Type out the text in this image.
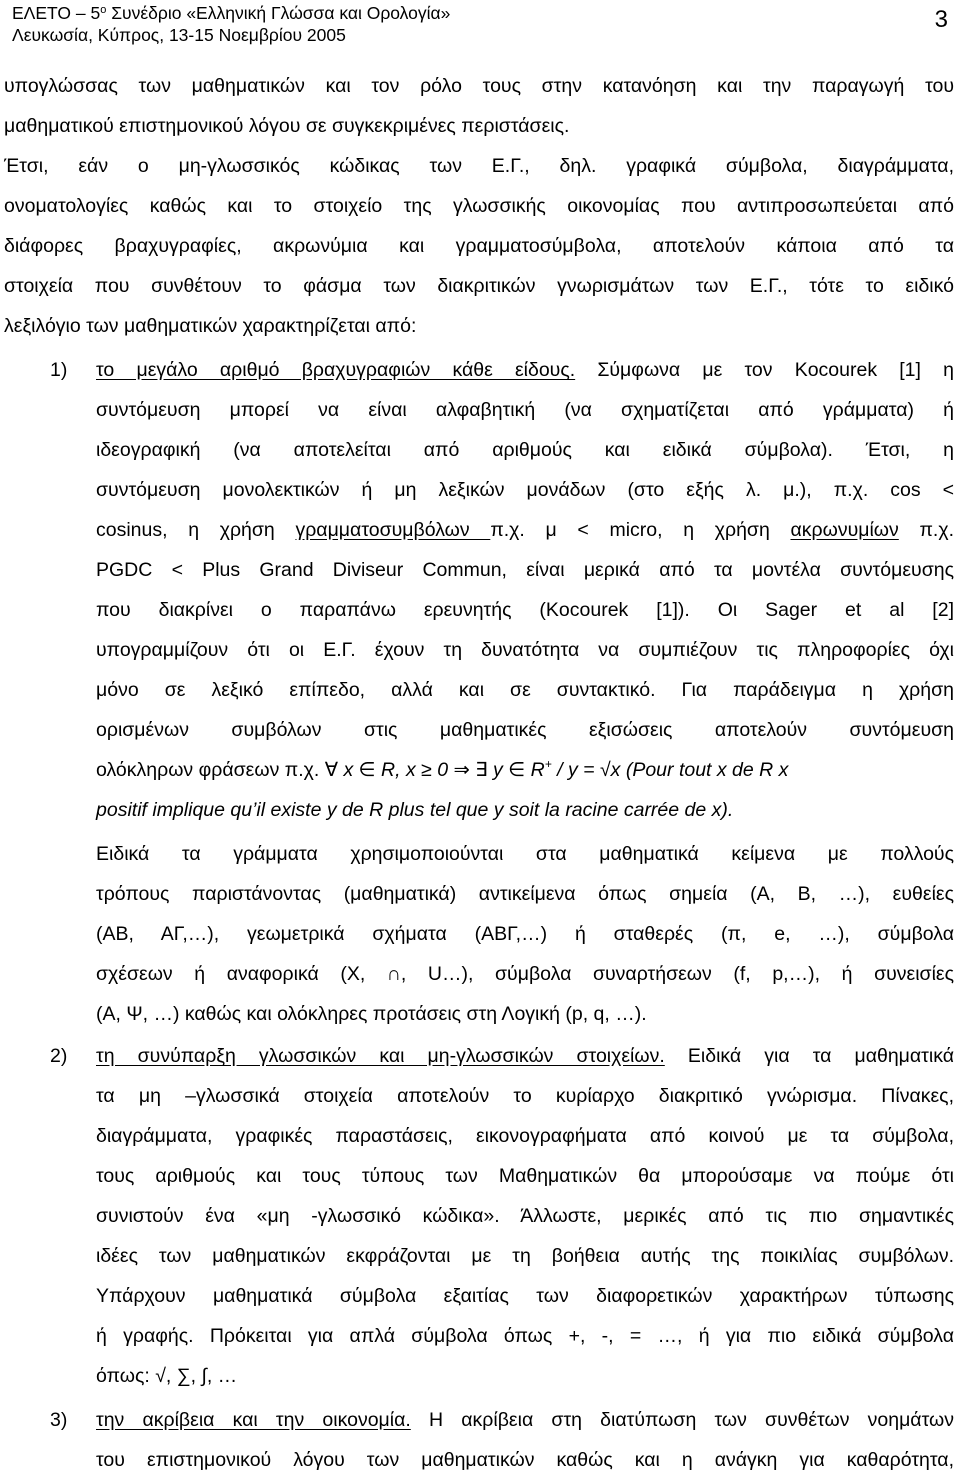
ΕΛΕΤΟ – $5^o$ Συνέδριο «Ελληνική Γλώσσα και Ορολογία»
Λευκωσία, Κύπρος, 13-15 Νοεμβρίου 2005
3
υπογλώσσας των μαθηματικών και τον ρόλο τους στην κατανόηση και την παραγωγή του
μαθηματικού επιστημονικού λόγου σε συγκεκριμένες περιστάσεις.
Έτσι, εάν ο μη-γλωσσικός κώδικας των Ε.Γ., δηλ. γραφικά σύμβολα, διαγράμματα,
ονοματολογίες καθώς και το στοιχείο της γλωσσικής οικονομίας που αντιπροσωπεύεται από
διάφορες βραχυγραφίες, ακρωνύμια και γραμματοσύμβολα, αποτελούν κάποια από τα
στοιχεία που συνθέτουν το φάσμα των διακριτικών γνωρισμάτων των Ε.Γ., τότε το ειδικό
λεξιλόγιο των μαθηματικών χαρακτηρίζεται από:
1) το μεγάλο αριθμό βραχυγραφιών κάθε είδους. Σύμφωνα με τον Kocourek [1] η
συντόμευση μπορεί να είναι αλφαβητική (να σχηματίζεται από γράμματα) ή
ιδεογραφική (να αποτελείται από αριθμούς και ειδικά σύμβολα). Έτσι, η
συντόμευση μονολεκτικών ή μη λεξικών μονάδων (στο εξής λ. μ.), π.χ. cos <
cosinus, η χρήση γραμματοσυμβόλων π.χ. μ < micro, η χρήση ακρωνυμίων π.χ.
PGDC < Plus Grand Diviseur Commun, είναι μερικά από τα μοντέλα συντόμευσης
που διακρίνει ο παραπάνω ερευνητής (Kocourek [1]). Οι Sager et al [2]
υπογραμμίζουν ότι οι Ε.Γ. έχουν τη δυνατότητα να συμπιέζουν τις πληροφορίες όχι
μόνο σε λεξικό επίπεδο, αλλά και σε συντακτικό. Για παράδειγμα η χρήση
ορισμένων συμβόλων στις μαθηματικές εξισώσεις αποτελούν συντόμευση
ολόκληρων φράσεων π.χ. ∀ x ∈ R, x ≥ 0 ⇒ ∃ y ∈ R+ / y = √x (Pour tout x de R x
positif implique qu’il existe y de R plus tel que y soit la racine carrée de x).
Ειδικά τα γράμματα χρησιμοποιούνται στα μαθηματικά κείμενα με πολλούς
τρόπους παριστάνοντας (μαθηματικά) αντικείμενα όπως σημεία (Α, Β, …), ευθείες
(ΑΒ, ΑΓ,…), γεωμετρικά σχήματα (ΑΒΓ,…) ή σταθερές (π, e, …), σύμβολα
σχέσεων ή αναφορικά (Χ, ∩, U…), σύμβολα συναρτήσεων (f, p,…), ή συνεισίες
(Α, Ψ, …) καθώς και ολόκληρες προτάσεις στη Λογική (p, q, …).
2) τη συνύπαρξη γλωσσικών και μη-γλωσσικών στοιχείων. Ειδικά για τα μαθηματικά
τα μη –γλωσσικά στοιχεία αποτελούν το κυρίαρχο διακριτικό γνώρισμα. Πίνακες,
διαγράμματα, γραφικές παραστάσεις, εικονογραφήματα από κοινού με τα σύμβολα,
τους αριθμούς και τους τύπους των Μαθηματικών θα μπορούσαμε να πούμε ότι
συνιστούν ένα «μη -γλωσσικό κώδικα». Άλλωστε, μερικές από τις πιο σημαντικές
ιδέες των μαθηματικών εκφράζονται με τη βοήθεια αυτής της ποικιλίας συμβόλων.
Υπάρχουν μαθηματικά σύμβολα εξαιτίας των διαφορετικών χαρακτήρων τύπωσης
ή γραφής. Πρόκειται για απλά σύμβολα όπως +, -, = …, ή για πιο ειδικά σύμβολα
όπως: √, ∑, ∫, …
3) την ακρίβεια και την οικονομία. Η ακρίβεια στη διατύπωση των συνθέτων νοημάτων
του επιστημονικού λόγου των μαθηματικών καθώς και η ανάγκη για καθαρότητα,
